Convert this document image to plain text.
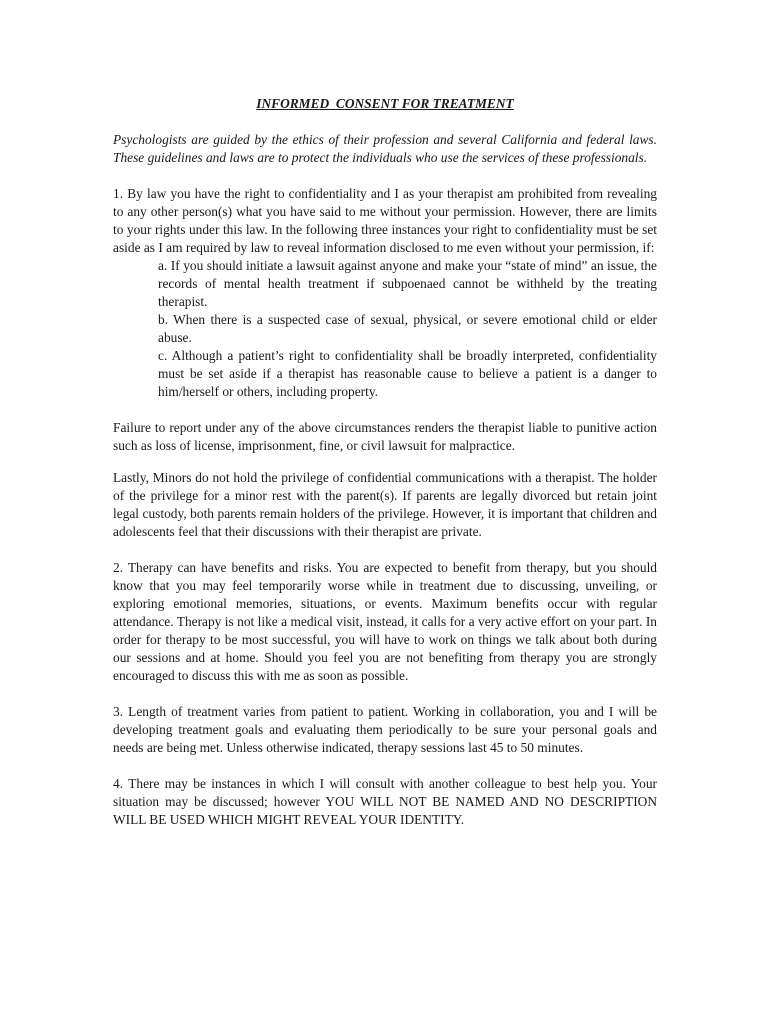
INFORMED  CONSENT FOR TREATMENT

Psychologists are guided by the ethics of their profession and several California and federal laws. These guidelines and laws are to protect the individuals who use the services of these professionals.

1. By law you have the right to confidentiality and I as your therapist am prohibited from revealing to any other person(s) what you have said to me without your permission. However, there are limits to your rights under this law. In the following three instances your right to confidentiality must be set aside as I am required by law to reveal information disclosed to me even without your permission, if:

a. If you should initiate a lawsuit against anyone and make your “state of mind” an issue, the records of mental health treatment if subpoenaed cannot be withheld by the treating therapist.

b. When there is a suspected case of sexual, physical, or severe emotional child or elder abuse.

c. Although a patient’s right to confidentiality shall be broadly interpreted, confidentiality must be set aside if a therapist has reasonable cause to believe a patient is a danger to him/herself or others, including property.

Failure to report under any of the above circumstances renders the therapist liable to punitive action such as loss of license, imprisonment, fine, or civil lawsuit for malpractice.

Lastly, Minors do not hold the privilege of confidential communications with a therapist. The holder of the privilege for a minor rest with the parent(s). If parents are legally divorced but retain joint legal custody, both parents remain holders of the privilege. However, it is important that children and adolescents feel that their discussions with their therapist are private.

2. Therapy can have benefits and risks. You are expected to benefit from therapy, but you should know that you may feel temporarily worse while in treatment due to discussing, unveiling, or exploring emotional memories, situations, or events. Maximum benefits occur with regular attendance. Therapy is not like a medical visit, instead, it calls for a very active effort on your part. In order for therapy to be most successful, you will have to work on things we talk about both during our sessions and at home. Should you feel you are not benefiting from therapy you are strongly encouraged to discuss this with me as soon as possible.

3. Length of treatment varies from patient to patient. Working in collaboration, you and I will be developing treatment goals and evaluating them periodically to be sure your personal goals and needs are being met. Unless otherwise indicated, therapy sessions last 45 to 50 minutes.

4. There may be instances in which I will consult with another colleague to best help you. Your situation may be discussed; however YOU WILL NOT BE NAMED AND NO DESCRIPTION WILL BE USED WHICH MIGHT REVEAL YOUR IDENTITY.
